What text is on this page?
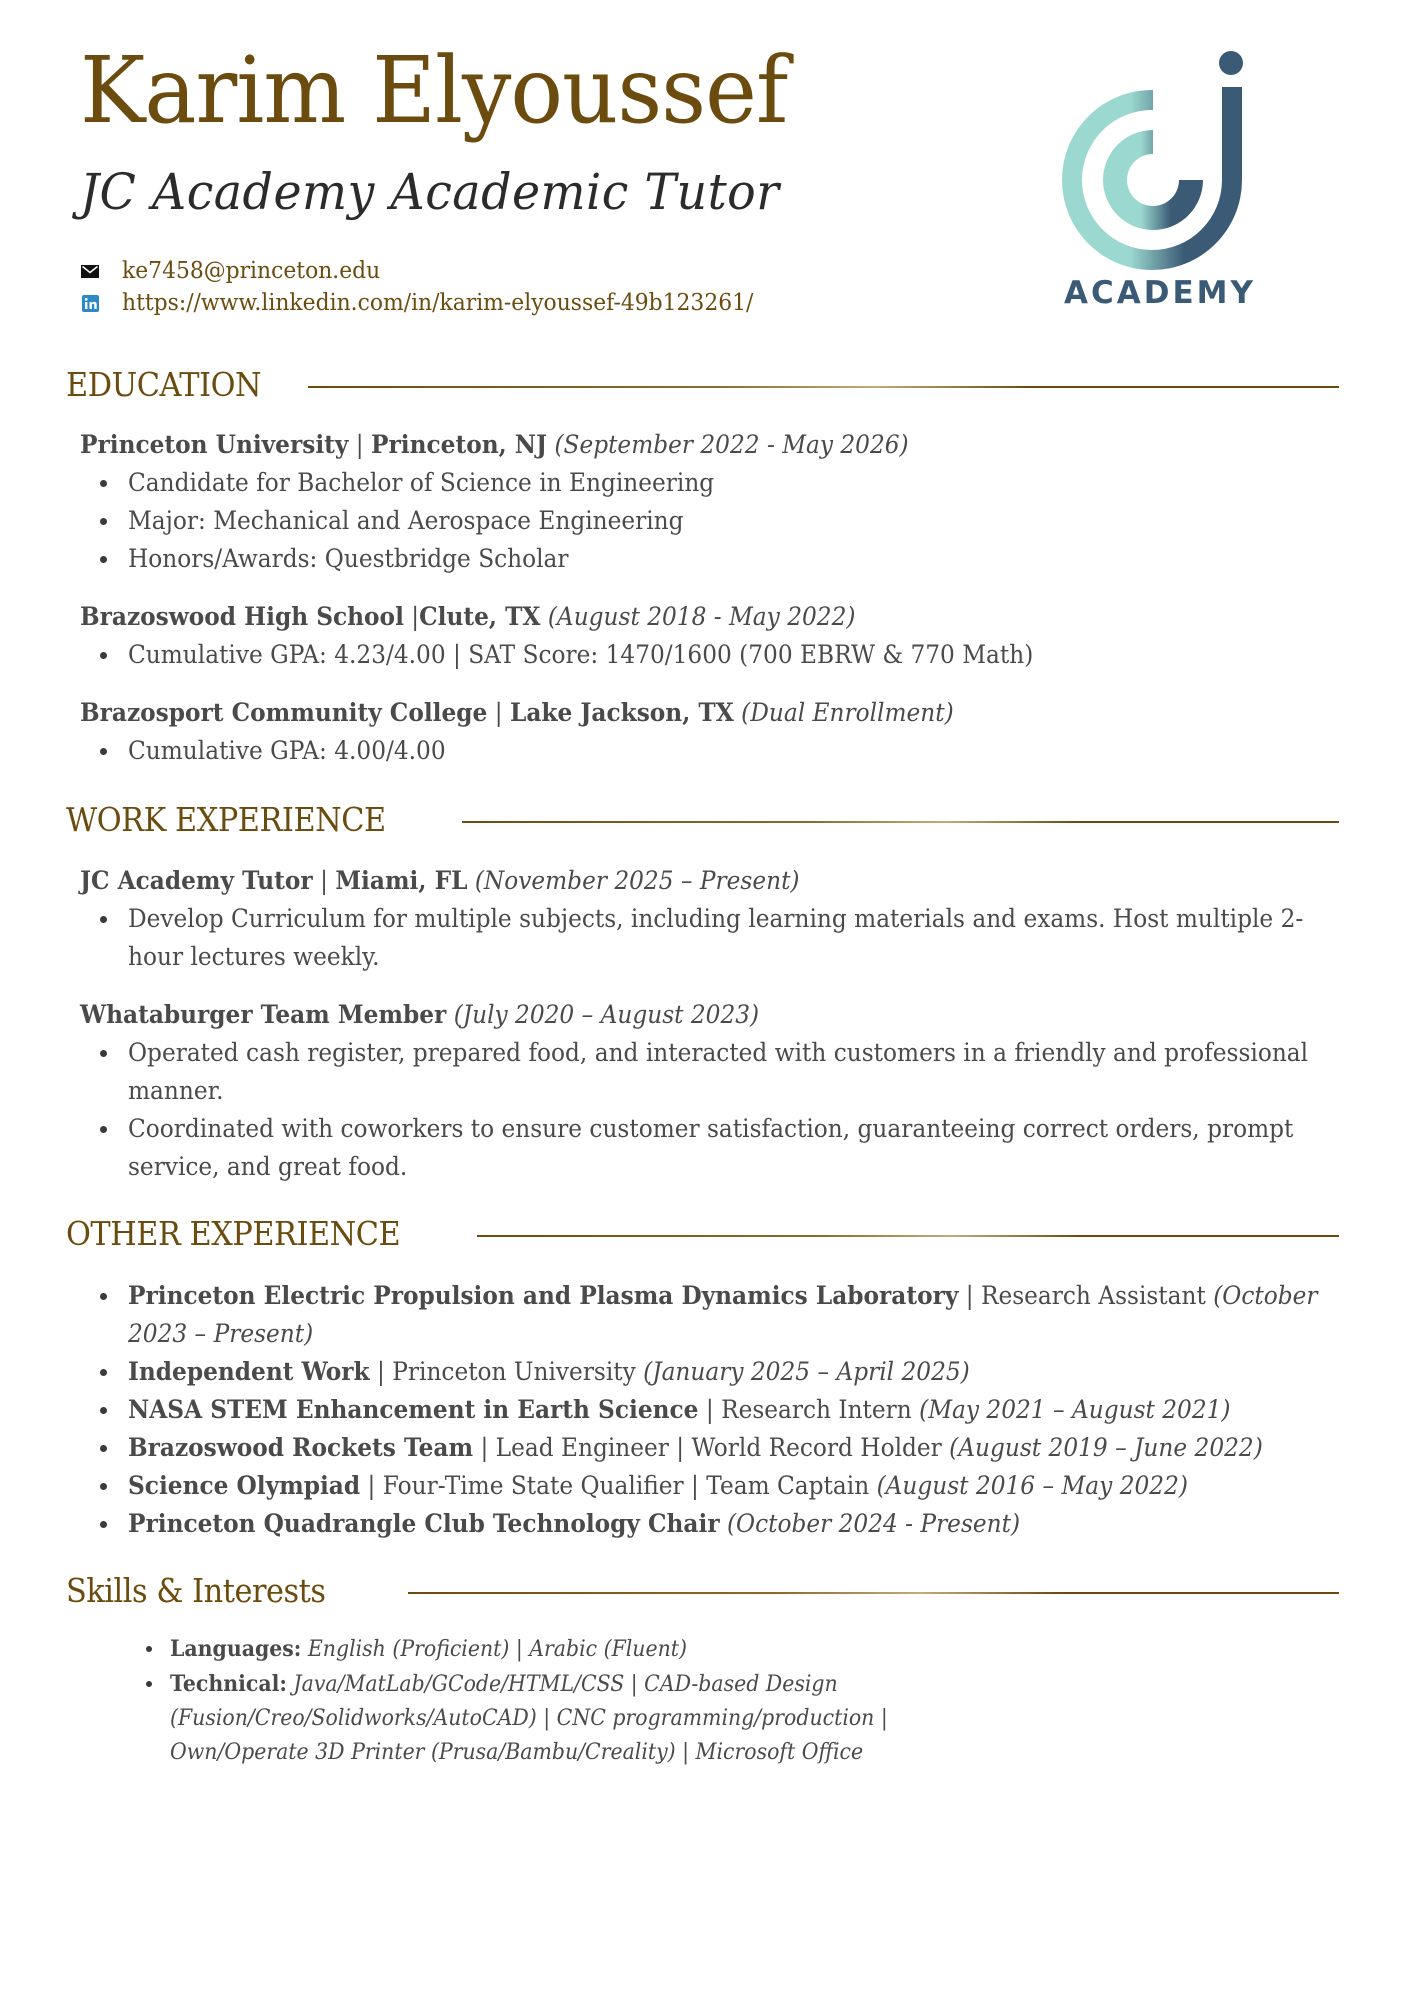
Karim Elyoussef
JC Academy Academic Tutor
ke7458@princeton.edu
https://www.linkedin.com/in/karim-elyoussef-49b123261/	ACADEMY
EDUCATION
Princeton University | Princeton, NJ (September 2022 - May 2026)
Candidate for Bachelor of Science in Engineering
Major: Mechanical and Aerospace Engineering
Honors/Awards: Questbridge Scholar
Brazoswood High School |Clute, TX (August 2018 - May 2022)
Cumulative GPA: 4.23/4.00 | SAT Score: 1470/1600 (700 EBRW & 770 Math)
Brazosport Community College | Lake Jackson, TX (Dual Enrollment)
Cumulative GPA: 4.00/4.00
WORK EXPERIENCE
JC Academy Tutor | Miami, FL (November 2025 – Present)
Develop Curriculum for multiple subjects, including learning materials and exams. Host multiple 2-hour lectures weekly.
Whataburger Team Member (July 2020 – August 2023)
Operated cash register, prepared food, and interacted with customers in a friendly and professional manner.
Coordinated with coworkers to ensure customer satisfaction, guaranteeing correct orders, prompt service, and great food.
OTHER EXPERIENCE
Princeton Electric Propulsion and Plasma Dynamics Laboratory | Research Assistant (October 2023 – Present)
Independent Work | Princeton University (January 2025 – April 2025)
NASA STEM Enhancement in Earth Science | Research Intern (May 2021 – August 2021)
Brazoswood Rockets Team | Lead Engineer | World Record Holder (August 2019 – June 2022)
Science Olympiad | Four-Time State Qualifier | Team Captain (August 2016 – May 2022)
Princeton Quadrangle Club Technology Chair (October 2024 - Present)
Skills & Interests
Languages: English (Proficient) | Arabic (Fluent)
Technical: Java/MatLab/GCode/HTML/CSS | CAD-based Design (Fusion/Creo/Solidworks/AutoCAD) | CNC programming/production | Own/Operate 3D Printer (Prusa/Bambu/Creality) | Microsoft Office
